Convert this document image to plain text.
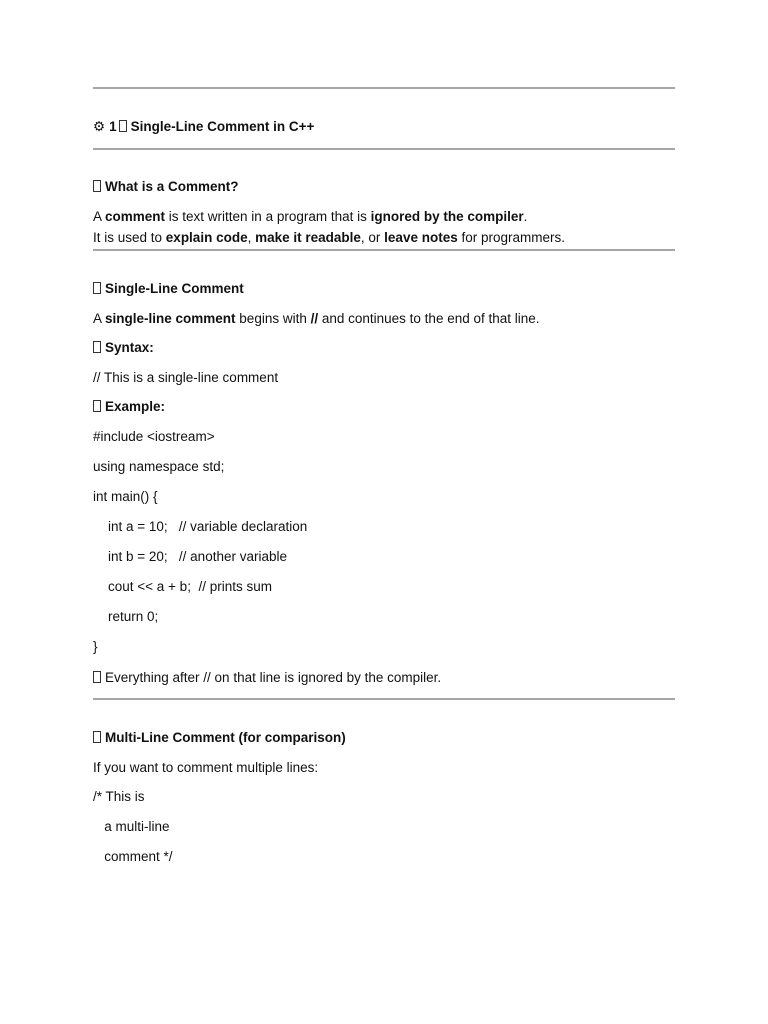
⚙ 1 Single-Line Comment in C++
What is a Comment?
A comment is text written in a program that is ignored by the compiler.
It is used to explain code, make it readable, or leave notes for programmers.
Single-Line Comment
A single-line comment begins with // and continues to the end of that line.
Syntax:
// This is a single-line comment
Example:
#include <iostream>
using namespace std;
int main() {
int a = 10;   // variable declaration
int b = 20;   // another variable
cout << a + b;  // prints sum
return 0;
}
Everything after // on that line is ignored by the compiler.
Multi-Line Comment (for comparison)
If you want to comment multiple lines:
/* This is
a multi-line
comment */
